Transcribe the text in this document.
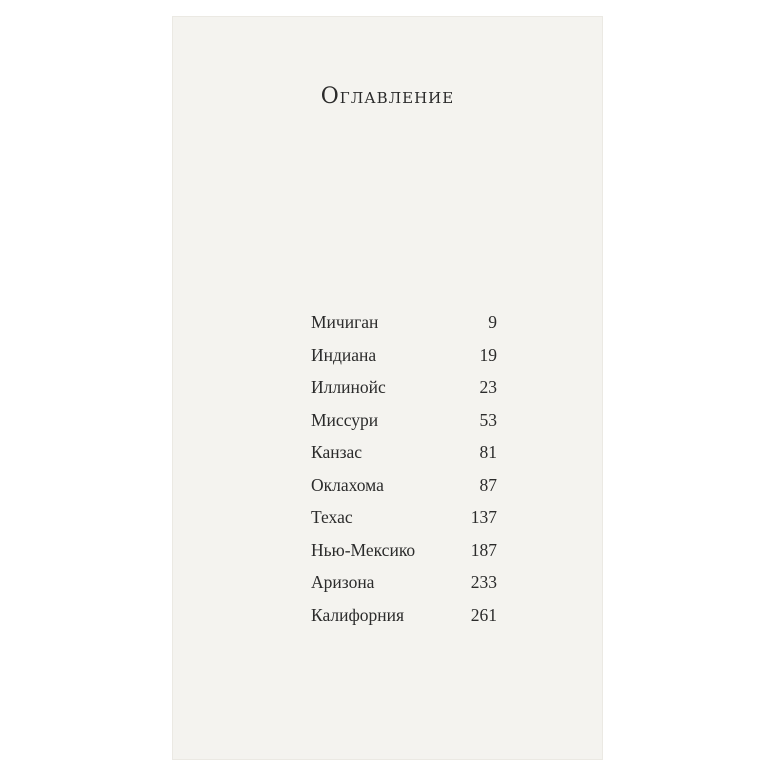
Оглавление
Мичиган	9
Индиана	19
Иллинойс	23
Миссури	53
Канзас	81
Оклахома	87
Техас	137
Нью-Мексико	187
Аризона	233
Калифорния	261
